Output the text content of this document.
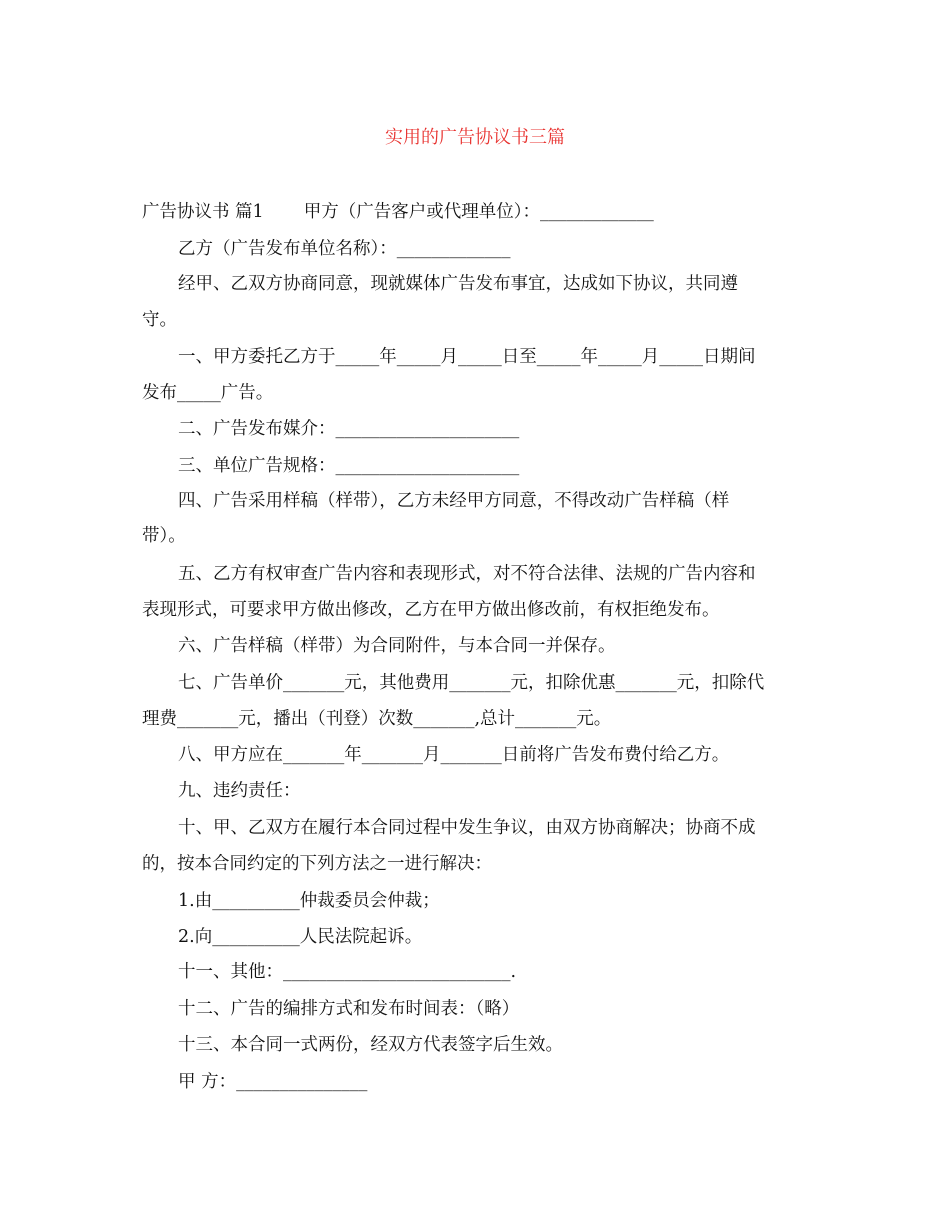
实用的广告协议书三篇
广告协议书 篇1 甲方（广告客户或代理单位）：_____________
乙方（广告发布单位名称）：_____________
经甲、乙双方协商同意，现就媒体广告发布事宜，达成如下协议，共同遵
守。
一、甲方委托乙方于_____年_____月_____日至_____年_____月_____日期间
发布_____广告。
二、广告发布媒介：_____________________
三、单位广告规格：_____________________
四、广告采用样稿（样带），乙方未经甲方同意，不得改动广告样稿（样
带）。
五、乙方有权审查广告内容和表现形式，对不符合法律、法规的广告内容和
表现形式，可要求甲方做出修改，乙方在甲方做出修改前，有权拒绝发布。
六、广告样稿（样带）为合同附件，与本合同一并保存。
七、广告单价_______元，其他费用_______元，扣除优惠_______元，扣除代
理费_______元，播出（刊登）次数_______,总计_______元。
八、甲方应在_______年_______月_______日前将广告发布费付给乙方。
九、违约责任：
十、甲、乙双方在履行本合同过程中发生争议，由双方协商解决；协商不成
的，按本合同约定的下列方法之一进行解决：
1.由__________仲裁委员会仲裁；
2.向__________人民法院起诉。
十一、其他：__________________________.
十二、广告的编排方式和发布时间表：（略）
十三、本合同一式两份，经双方代表签字后生效。
甲 方：_______________
